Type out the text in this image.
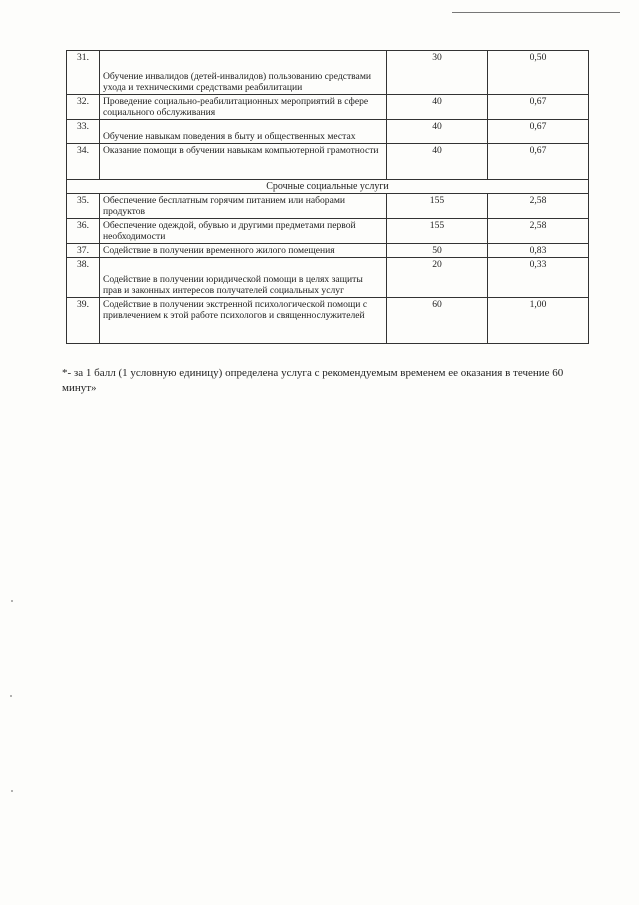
31.	Обучение инвалидов (детей-инвалидов) пользованию средствами ухода и техническими средствами реабилитации	30	0,50
32.	Проведение социально-реабилитационных мероприятий в сфере социального обслуживания	40	0,67
33.	Обучение навыкам поведения в быту и общественных местах	40	0,67
34.	Оказание помощи в обучении навыкам компьютерной грамотности	40	0,67
Срочные социальные услуги			
35.	Обеспечение бесплатным горячим питанием или наборами продуктов	155	2,58
36.	Обеспечение одеждой, обувью и другими предметами первой необходимости	155	2,58
37.	Содействие в получении временного жилого помещения	50	0,83
38.	Содействие в получении юридической помощи в целях защиты прав и законных интересов получателей социальных услуг	20	0,33
39.	Содействие в получении экстренной психологической помощи с привлечением к этой работе психологов и священнослужителей	60	1,00
*- за 1 балл (1 условную единицу) определена услуга с рекомендуемым временем ее оказания в течение 60 минут»
